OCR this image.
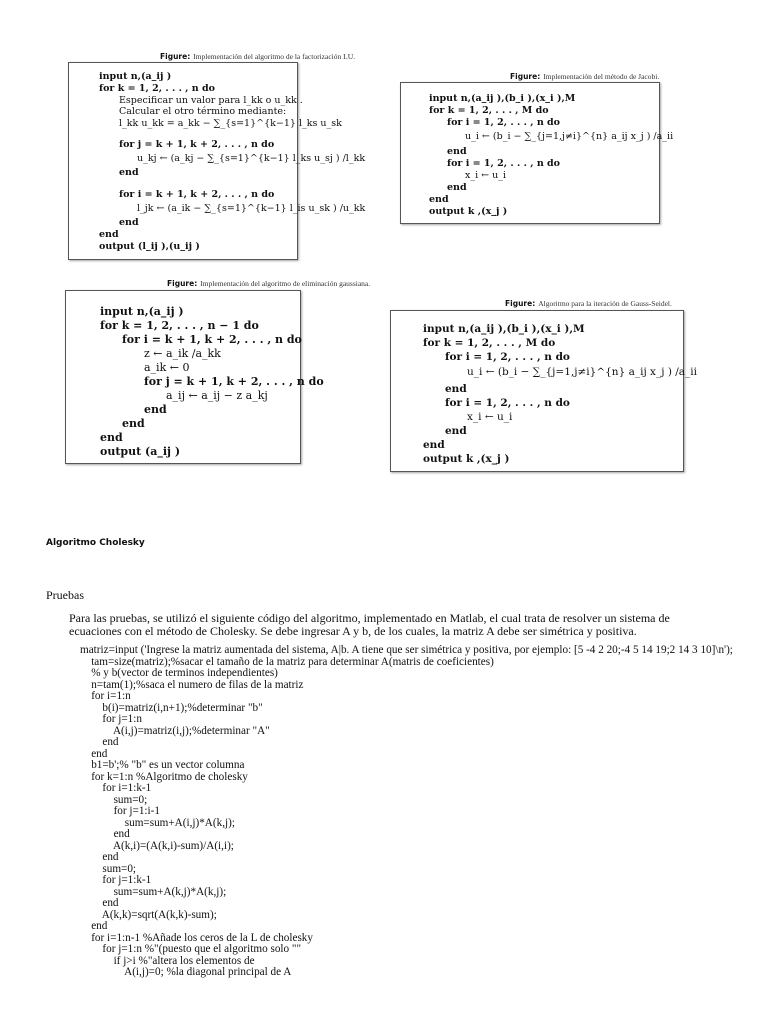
Figure: Implementación del algoritmo de la factorización LU.
input n,(a_ij )
for k = 1, 2, . . . , n do
Especificar un valor para l_kk o u_kk .
Calcular el otro término mediante:
l_kk u_kk = a_kk − ∑_{s=1}^{k−1} l_ks u_sk
for j = k + 1, k + 2, . . . , n do
u_kj ← (a_kj − ∑_{s=1}^{k−1} l_ks u_sj ) /l_kk
end
for i = k + 1, k + 2, . . . , n do
l_jk ← (a_ik − ∑_{s=1}^{k−1} l_is u_sk ) /u_kk
end
end
output (l_ij ),(u_ij )
Figure: Implementación del método de Jacobi.
input n,(a_ij ),(b_i ),(x_i ),M
for k = 1, 2, . . . , M do
for i = 1, 2, . . . , n do
u_i ← (b_i − ∑_{j=1,j≠i}^{n} a_ij x_j ) /a_ii
end
for i = 1, 2, . . . , n do
x_i ← u_i
end
end
output k ,(x_j )
Figure: Implementación del algoritmo de eliminación gaussiana.
input n,(a_ij )
for k = 1, 2, . . . , n − 1 do
for i = k + 1, k + 2, . . . , n do
z ← a_ik /a_kk
a_ik ← 0
for j = k + 1, k + 2, . . . , n do
a_ij ← a_ij − z a_kj
end
end
end
output (a_ij )
Figure: Algoritmo para la iteración de Gauss-Seidel.
input n,(a_ij ),(b_i ),(x_i ),M
for k = 1, 2, . . . , M do
for i = 1, 2, . . . , n do
u_i ← (b_i − ∑_{j=1,j≠i}^{n} a_ij x_j ) /a_ii
end
for i = 1, 2, . . . , n do
x_i ← u_i
end
end
output k ,(x_j )
Algoritmo Cholesky
Pruebas
Para las pruebas, se utilizó el siguiente código del algoritmo, implementado en Matlab, el cual trata de resolver un sistema de ecuaciones con el método de Cholesky. Se debe ingresar A y b, de los cuales, la matriz A debe ser simétrica y positiva.
matriz=input ('Ingrese la matriz aumentada del sistema, A|b. A tiene que ser simétrica y positiva, por ejemplo: [5 -4 2 20;-4 5 14 19;2 14 3 10]\n');
tam=size(matriz);%sacar el tamaño de la matriz para determinar A(matris de coeficientes)
% y b(vector de terminos independientes)
n=tam(1);%saca el numero de filas de la matriz
for i=1:n
b(i)=matriz(i,n+1);%determinar "b"
for j=1:n
A(i,j)=matriz(i,j);%determinar "A"
end
end
b1=b';% "b" es un vector columna
for k=1:n %Algoritmo de cholesky
for i=1:k-1
sum=0;
for j=1:i-1
sum=sum+A(i,j)*A(k,j);
end
A(k,i)=(A(k,i)-sum)/A(i,i);
end
sum=0;
for j=1:k-1
sum=sum+A(k,j)*A(k,j);
end
A(k,k)=sqrt(A(k,k)-sum);
end
for i=1:n-1 %Añade los ceros de la L de cholesky
for j=1:n %"(puesto que el algoritmo solo ""
if j>i %"altera los elementos de
A(i,j)=0; %la diagonal principal de A
